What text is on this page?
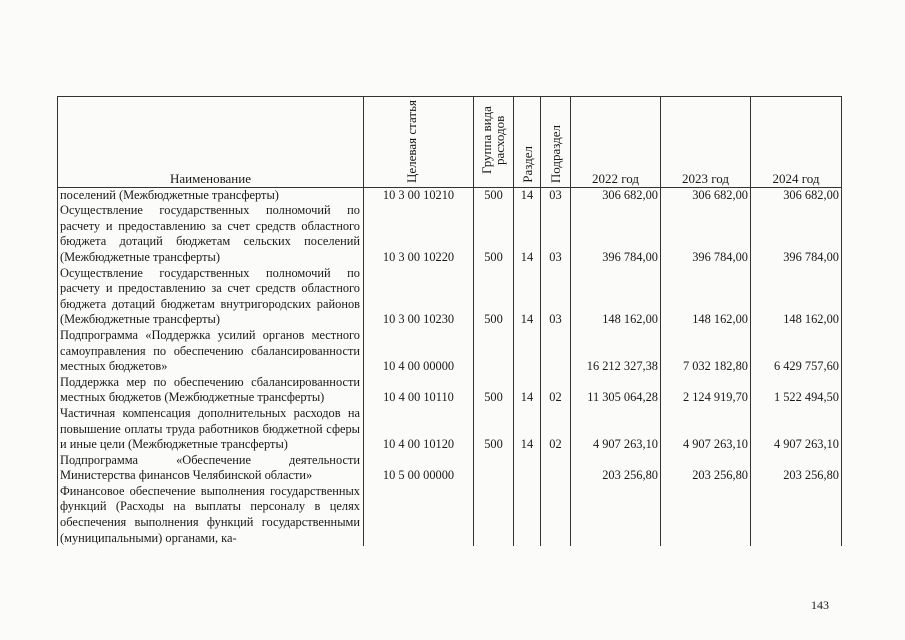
Наименование	Целевая статья	Группа вида расходов	Раздел	Подраздел	2022 год	2023 год	2024 год
поселений (Межбюджетные трансферты)	10 3 00 10210	500	14	03	306 682,00	306 682,00	306 682,00
Осуществление государственных полномочий по расчету и предоставлению за счет средств областного бюджета дотаций бюджетам сельских поселений (Межбюджетные трансферты)	10 3 00 10220	500	14	03	396 784,00	396 784,00	396 784,00
Осуществление государственных полномочий по расчету и предоставлению за счет средств областного бюджета дотаций бюджетам внутригородских районов (Межбюджетные трансферты)	10 3 00 10230	500	14	03	148 162,00	148 162,00	148 162,00
Подпрограмма «Поддержка усилий органов местного самоуправления по обеспечению сбалансированности местных бюджетов»	10 4 00 00000				16 212 327,38	7 032 182,80	6 429 757,60
Поддержка мер по обеспечению сбалансированности местных бюджетов (Межбюджетные трансферты)	10 4 00 10110	500	14	02	11 305 064,28	2 124 919,70	1 522 494,50
Частичная компенсация дополнительных расходов на повышение оплаты труда работников бюджетной сферы и иные цели (Межбюджетные трансферты)	10 4 00 10120	500	14	02	4 907 263,10	4 907 263,10	4 907 263,10
Подпрограмма «Обеспечение деятельности Министерства финансов Челябинской области»	10 5 00 00000				203 256,80	203 256,80	203 256,80
Финансовое обеспечение выполнения государственных функций (Расходы на выплаты персоналу в целях обеспечения выполнения функций государственными (муниципальными) органами, ка-							
143
